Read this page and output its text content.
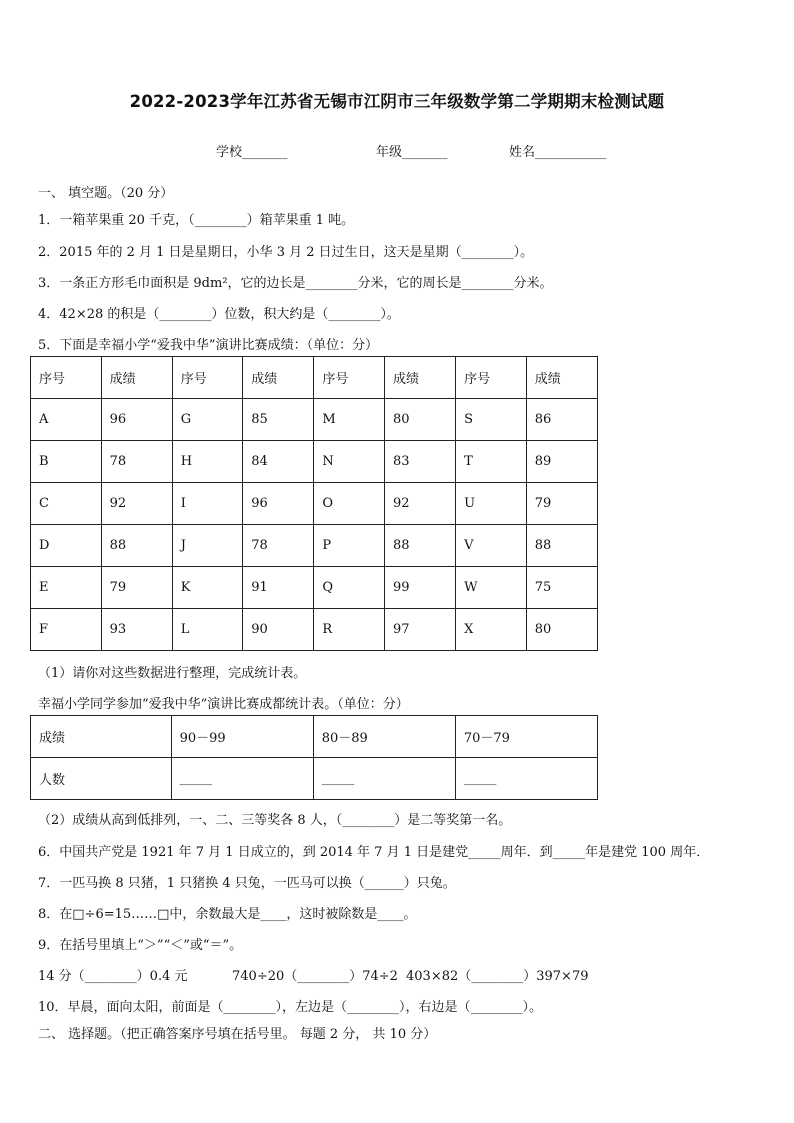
2022-2023学年江苏省无锡市江阴市三年级数学第二学期期末检测试题
学校_______	年级_______	姓名___________
一、 填空题。（20 分）
1．一箱苹果重 20 千克，（________）箱苹果重 1 吨。
2．2015 年的 2 月 1 日是星期日，小华 3 月 2 日过生日，这天是星期（________）。
3．一条正方形毛巾面积是 9dm²，它的边长是________分米，它的周长是________分米。
4．42×28 的积是（________）位数，积大约是（________）。
5．下面是幸福小学“爱我中华”演讲比赛成绩：（单位：分）
序号	成绩	序号	成绩	序号	成绩	序号	成绩
A	96	G	85	M	80	S	86
B	78	H	84	N	83	T	89
C	92	I	96	O	92	U	79
D	88	J	78	P	88	V	88
E	79	K	91	Q	99	W	75
F	93	L	90	R	97	X	80
（1）请你对这些数据进行整理，完成统计表。
幸福小学同学参加“爱我中华”演讲比赛成都统计表。（单位：分）
成绩	90－99	80－89	70－79
人数	_____	_____	_____
（2）成绩从高到低排列，一、二、三等奖各 8 人，（________）是二等奖第一名。
6．中国共产党是 1921 年 7 月 1 日成立的，到 2014 年 7 月 1 日是建党_____周年．到_____年是建党 100 周年．
7．一匹马换 8 只猪，1 只猪换 4 只兔，一匹马可以换（______）只兔。
8．在□÷6=15……□中，余数最大是____，这时被除数是____。
9．在括号里填上“＞”“＜”或“＝”。
14 分（________）0.4 元	740÷20（________）74÷2 403×82（________）397×79
10．早晨，面向太阳，前面是（________），左边是（________），右边是（________）。
二、 选择题。（把正确答案序号填在括号里。 每题 2 分， 共 10 分）
